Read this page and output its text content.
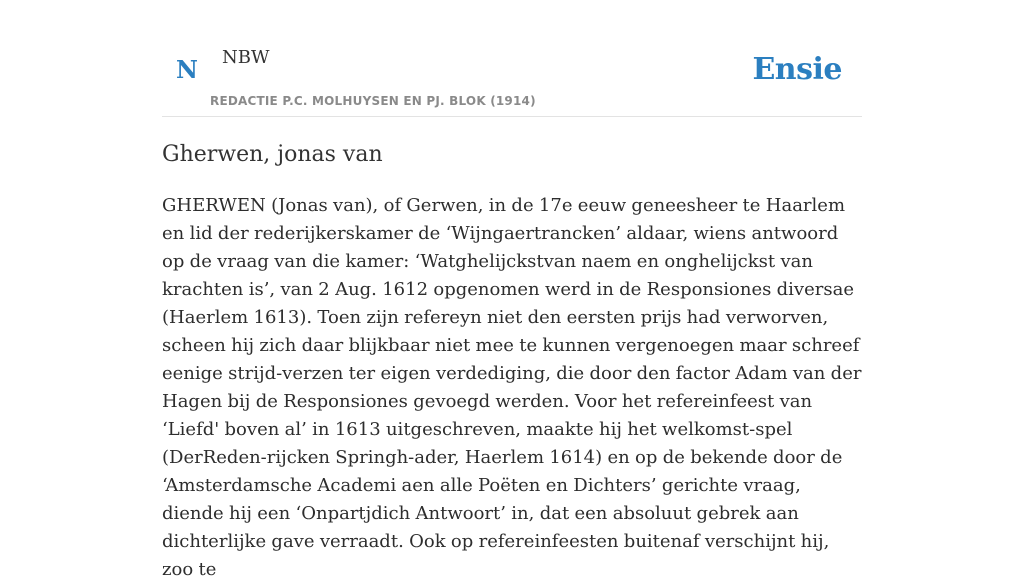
N NBW
REDACTIE P.C. MOLHUYSEN EN PJ. BLOK (1914)
Ensie
Gherwen, jonas van

GHERWEN (Jonas van), of Gerwen, in de 17e eeuw geneesheer te Haarlem en lid der rederijkerskamer de ‘Wijngaertrancken’ aldaar, wiens antwoord op de vraag van die kamer: ‘Watghelijckstvan naem en onghelijckst van krachten is’, van 2 Aug. 1612 opgenomen werd in de Responsiones diversae (Haerlem 1613). Toen zijn refereyn niet den eersten prijs had verworven, scheen hij zich daar blijkbaar niet mee te kunnen vergenoegen maar schreef eenige strijd-verzen ter eigen verdediging, die door den factor Adam van der Hagen bij de Responsiones gevoegd werden. Voor het refereinfeest van ‘Liefd' boven al’ in 1613 uitgeschreven, maakte hij het welkomst-spel (DerReden-rijcken Springh-ader, Haerlem 1614) en op de bekende door de ‘Amsterdamsche Academi aen alle Poëten en Dichters’ gerichte vraag, diende hij een ‘Onpartjdich Antwoort’ in, dat een absoluut gebrek aan dichterlijke gave verraadt. Ook op refereinfeesten buitenaf verschijnt hij, zoo te
